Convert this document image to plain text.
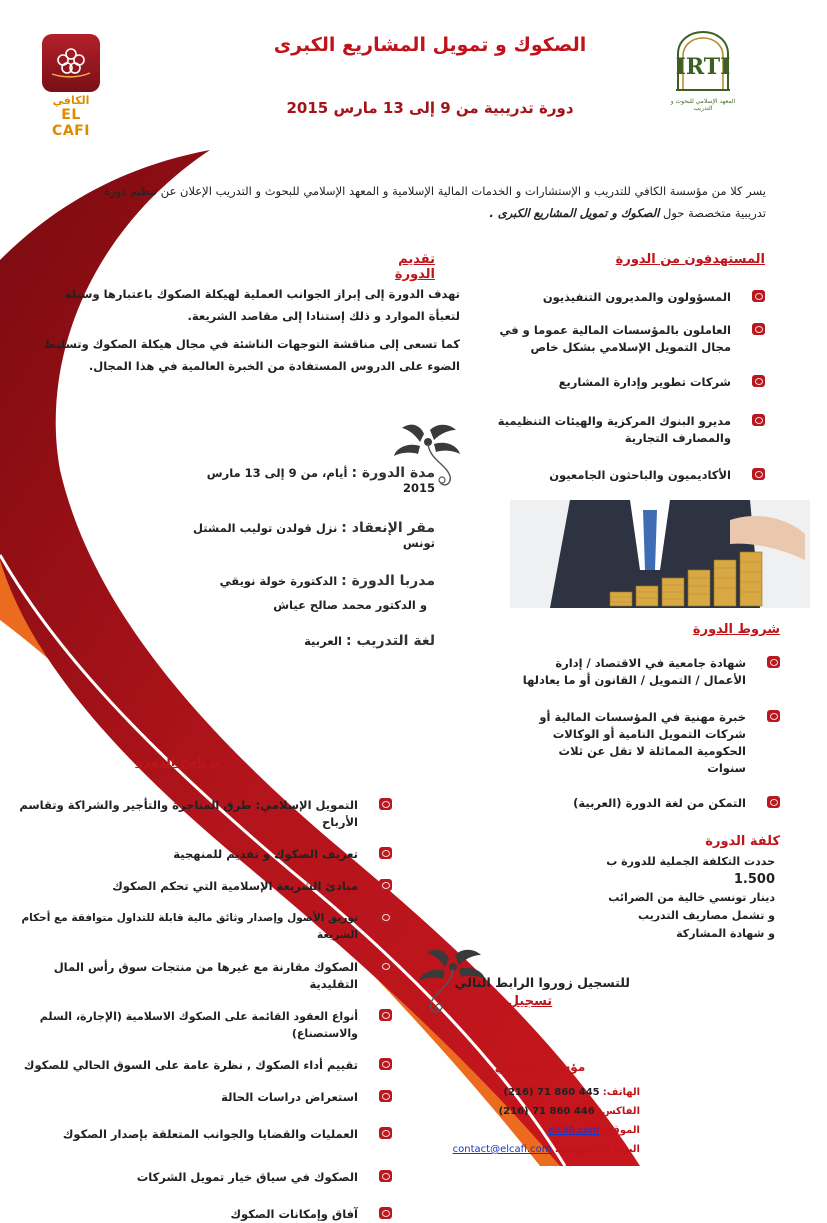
الصكوك و تمويل المشاريع الكبرى
دورة تدريبية من 9 إلى 13 مارس 2015
الكافي
EL CAFI
IRTI
المعهد الإسلامي للبحوث و التدريب
يسر كلا من مؤسسة الكافي للتدريب و الإستشارات و الخدمات المالية الإسلامية و المعهد الإسلامي للبحوث و التدريب الإعلان عن تنظيم دورة تدريبية متخصصة حول الصكوك و تمويل المشاريع الكبرى .
المستهدفون من الدورة
المسؤولون والمديرون التنفيذيون
العاملون بالمؤسسات المالية عموما و في مجال التمويل الإسلامي بشكل خاص
شركات تطوير وإدارة المشاريع
مديرو البنوك المركزية والهيئات التنظيمية والمصارف التجارية
الأكاديميون والباحثون الجامعيون
تقديم الدورة

تهدف الدورة إلى إبراز الجوانب العملية لهيكلة الصكوك باعتبارها وسيلة لتعبأة الموارد و ذلك إستنادا إلى مقاصد الشريعة.

كما تسعى إلى مناقشة التوجهات الناشئة في مجال هيكلة الصكوك وتسليط الضوء على الدروس المستفادة من الخبرة العالمية في هذا المجال.

مدة الدورة : أيام، من 9 إلى 13 مارس 2015
مقر الإنعقاد : نزل قولدن توليب المشتل تونس
مدربا الدورة : الدكتورة خولة نويقي
و الدكتور محمد صالح عياش
لغة التدريب : العربية
شروط الدورة
شهادة جامعية في الاقتصاد / إدارة الأعمال / التمويل / القانون أو ما يعادلها
خبرة مهنية في المؤسسات المالية أو شركات التمويل النامية أو الوكالات الحكومية المماثلة لا تقل عن ثلاث سنوات
التمكن من لغة الدورة (العربية)
كلفة الدورة
حددت التكلفة الجملية للدورة ب 1.500
دينار تونسي خالية من الضرائب
و تشمل مصاريف التدريب
و شهادة المشاركة
برنامج الدورة
التمويل الإسلامي: طرق المتاجرة والتأجير والشراكة وتقاسم الأرباح
تعريف الصكوك و تقديم للمنهجية
مبادئ الشريعة الإسلامية التي تحكم الصكوك
توريق الأصول وإصدار وثائق مالية قابلة للتداول متوافقة مع أحكام الشريعة
الصكوك مقارنة مع غيرها من منتجات سوق رأس المال التقليدية
أنواع العقود القائمة على الصكوك الاسلامية (الإجارة، السلم والاستصناع)
تقييم أداء الصكوك , نظرة عامة على السوق الحالي للصكوك
استعراض دراسات الحالة
العمليات والقضايا والجوانب المتعلقة بإصدار الصكوك
الصكوك في سياق خيار تمويل الشركات
آفاق وإمكانات الصكوك
للتسجيل زوروا الرابط التالي
تسجيل
مؤسسة الكافي
الهاتف: (216) 71 860 445
الفاكس: (216) 71 860 446
الموقع: elcafi.com
البريد الالكتروني: contact@elcafi.com
